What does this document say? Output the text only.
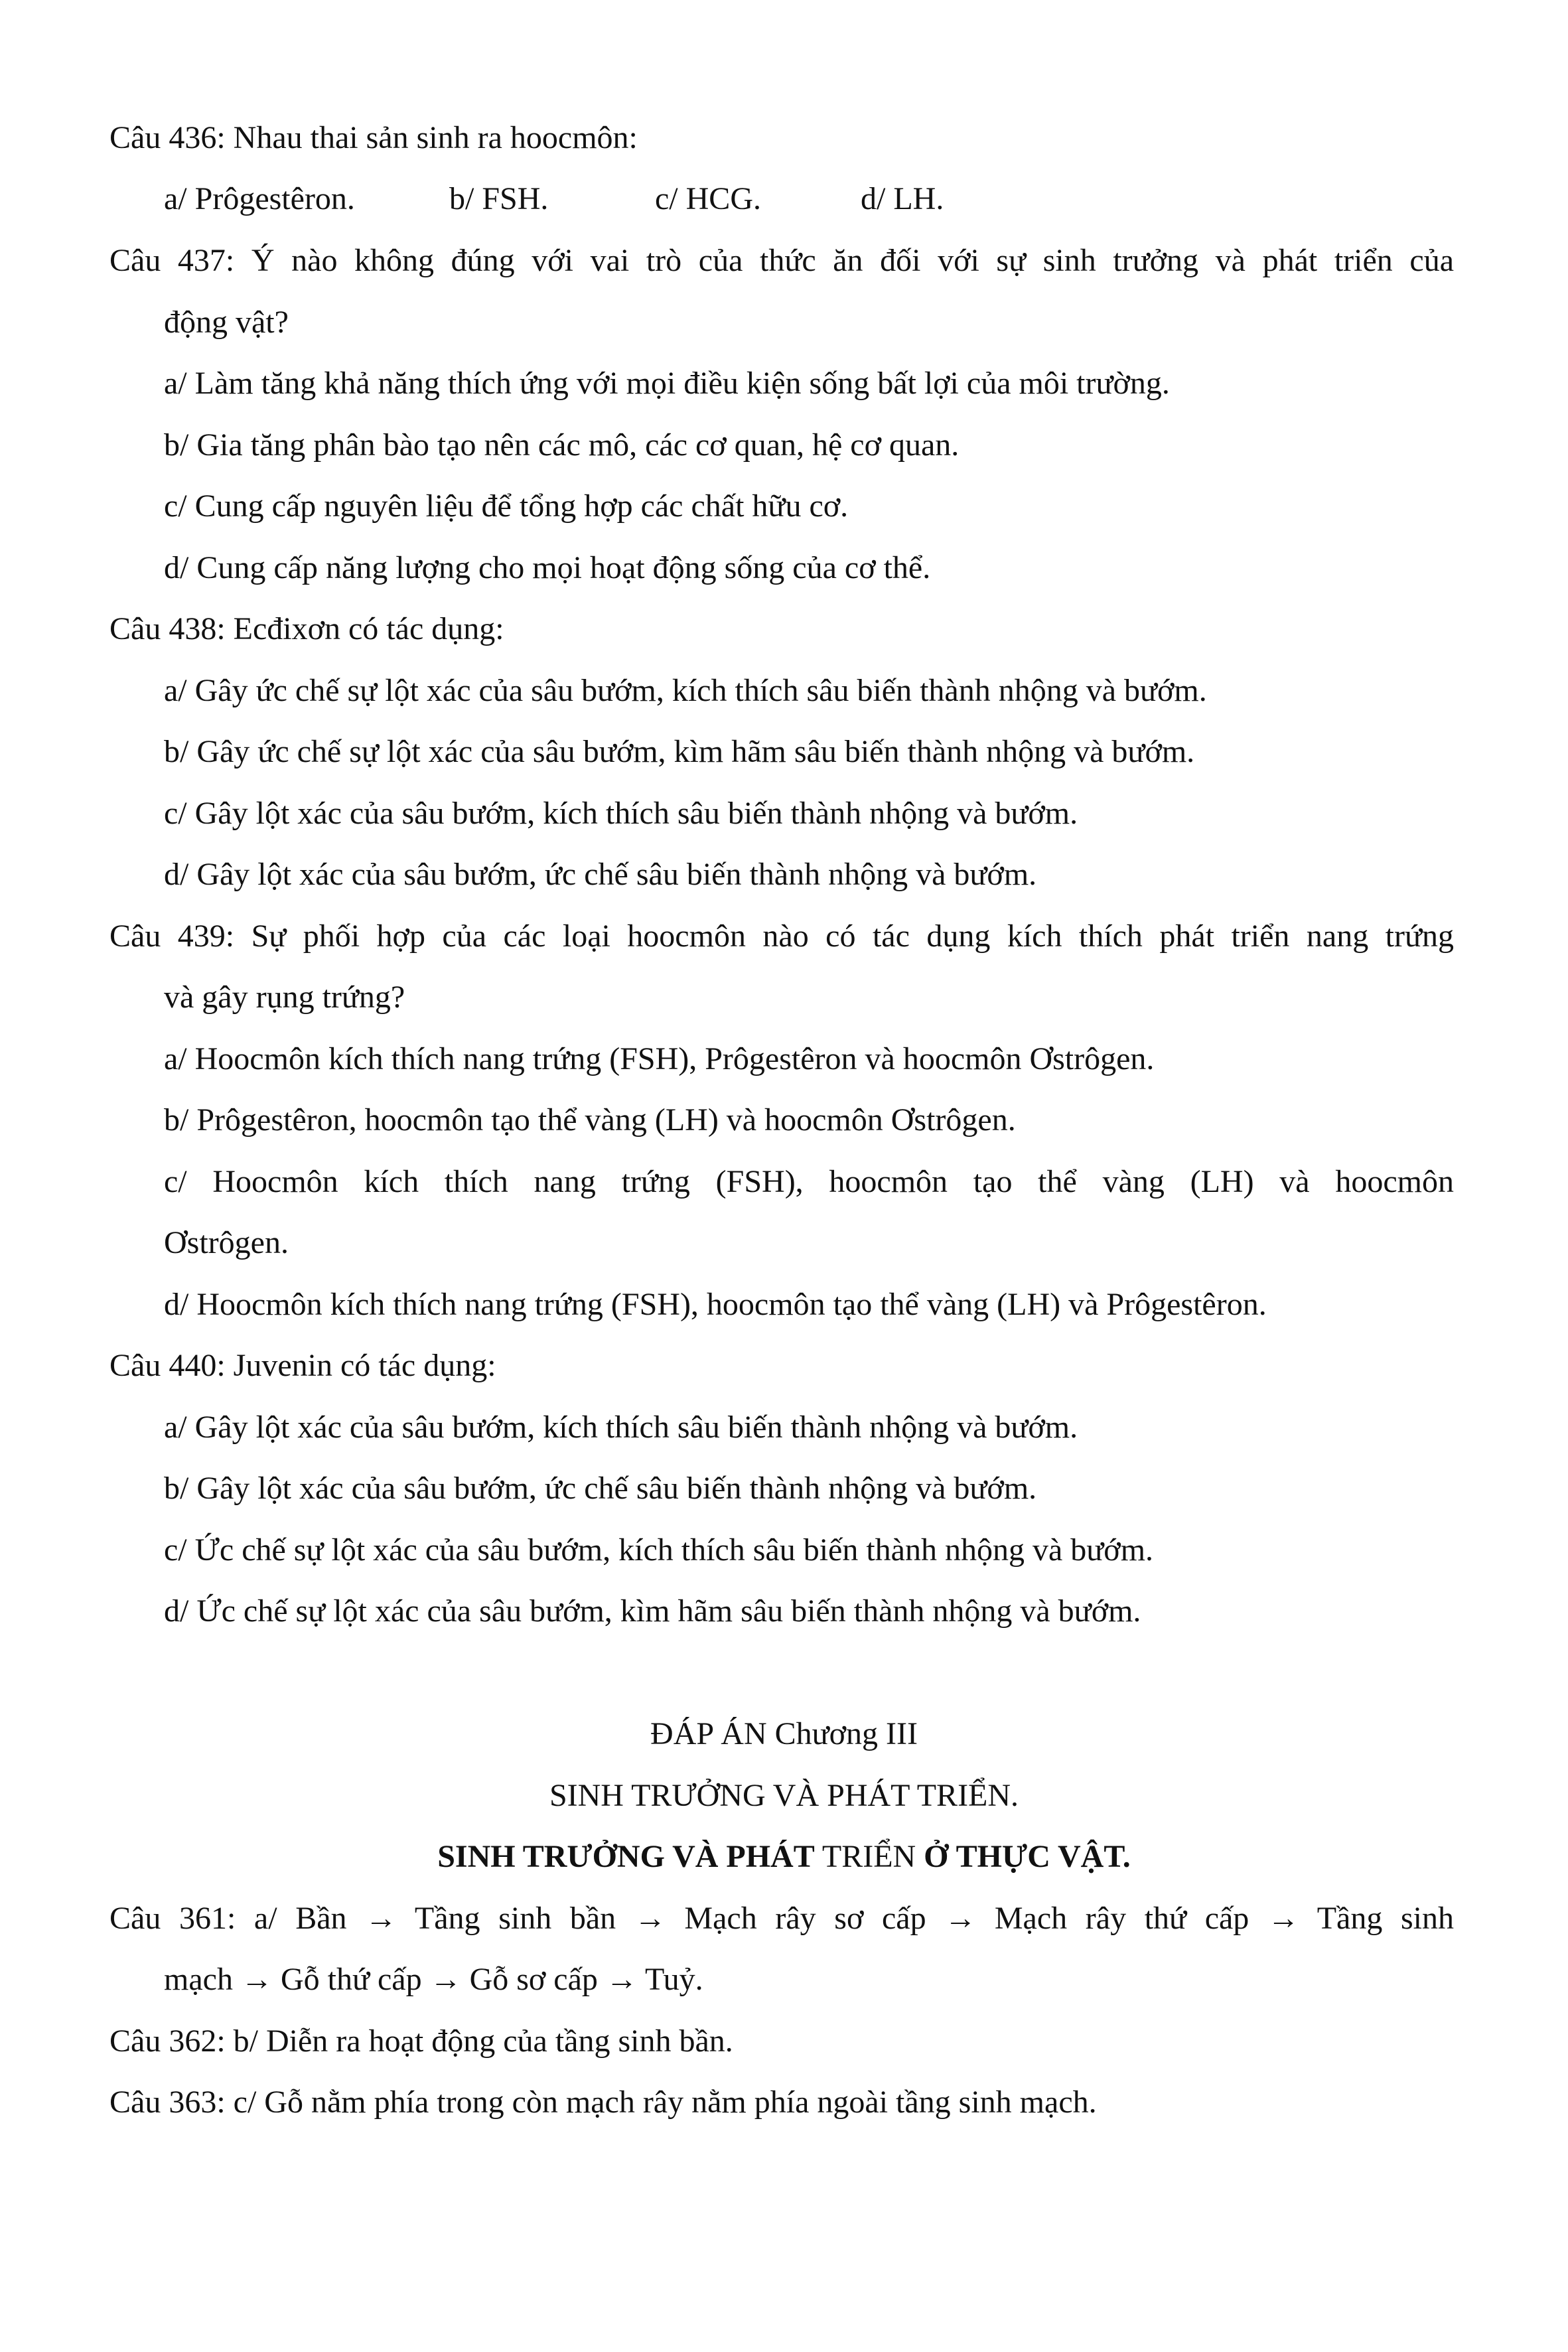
Câu 436: Nhau thai sản sinh ra hoocmôn:
a/ Prôgestêron.	b/ FSH.	c/ HCG.	d/ LH.
Câu 437: Ý nào không đúng với vai trò của thức ăn đối với sự sinh trưởng và phát triển của
động vật?
a/ Làm tăng khả năng thích ứng với mọi điều kiện sống bất lợi của môi trường.
b/ Gia tăng phân bào tạo nên các mô, các cơ quan, hệ cơ quan.
c/ Cung cấp nguyên liệu để tổng hợp các chất hữu cơ.
d/ Cung cấp năng lượng cho mọi hoạt động sống của cơ thể.
Câu 438: Ecđixơn có tác dụng:
a/ Gây ức chế sự lột xác của sâu bướm, kích thích sâu biến thành nhộng và bướm.
b/ Gây ức chế sự lột xác của sâu bướm, kìm hãm sâu biến thành nhộng và bướm.
c/ Gây lột xác của sâu bướm, kích thích sâu biến thành nhộng và bướm.
d/ Gây lột xác của sâu bướm, ức chế sâu biến thành nhộng và bướm.
Câu 439: Sự phối hợp của các loại hoocmôn nào có tác dụng kích thích phát triển nang trứng
và gây rụng trứng?
a/ Hoocmôn kích thích nang trứng (FSH), Prôgestêron và hoocmôn Ơstrôgen.
b/ Prôgestêron, hoocmôn tạo thể vàng (LH) và hoocmôn Ơstrôgen.
c/ Hoocmôn kích thích nang trứng (FSH), hoocmôn tạo thể vàng (LH) và hoocmôn
Ơstrôgen.
d/ Hoocmôn kích thích nang trứng (FSH), hoocmôn tạo thể vàng (LH) và Prôgestêron.
Câu 440: Juvenin có tác dụng:
a/ Gây lột xác của sâu bướm, kích thích sâu biến thành nhộng và bướm.
b/ Gây lột xác của sâu bướm, ức chế sâu biến thành nhộng và bướm.
c/ Ức chế sự lột xác của sâu bướm, kích thích sâu biến thành nhộng và bướm.
d/ Ức chế sự lột xác của sâu bướm, kìm hãm sâu biến thành nhộng và bướm.
ĐÁP ÁN Chương III
SINH TRƯỞNG VÀ PHÁT TRIỂN.
SINH TRƯỞNG VÀ PHÁT TRIỂN Ở THỰC VẬT.
Câu 361: a/ Bần → Tầng sinh bần → Mạch rây sơ cấp → Mạch rây thứ cấp → Tầng sinh
mạch → Gỗ thứ cấp → Gỗ sơ cấp → Tuỷ.
Câu 362: b/ Diễn ra hoạt động của tầng sinh bần.
Câu 363: c/ Gỗ nằm phía trong còn mạch rây nằm phía ngoài tầng sinh mạch.
